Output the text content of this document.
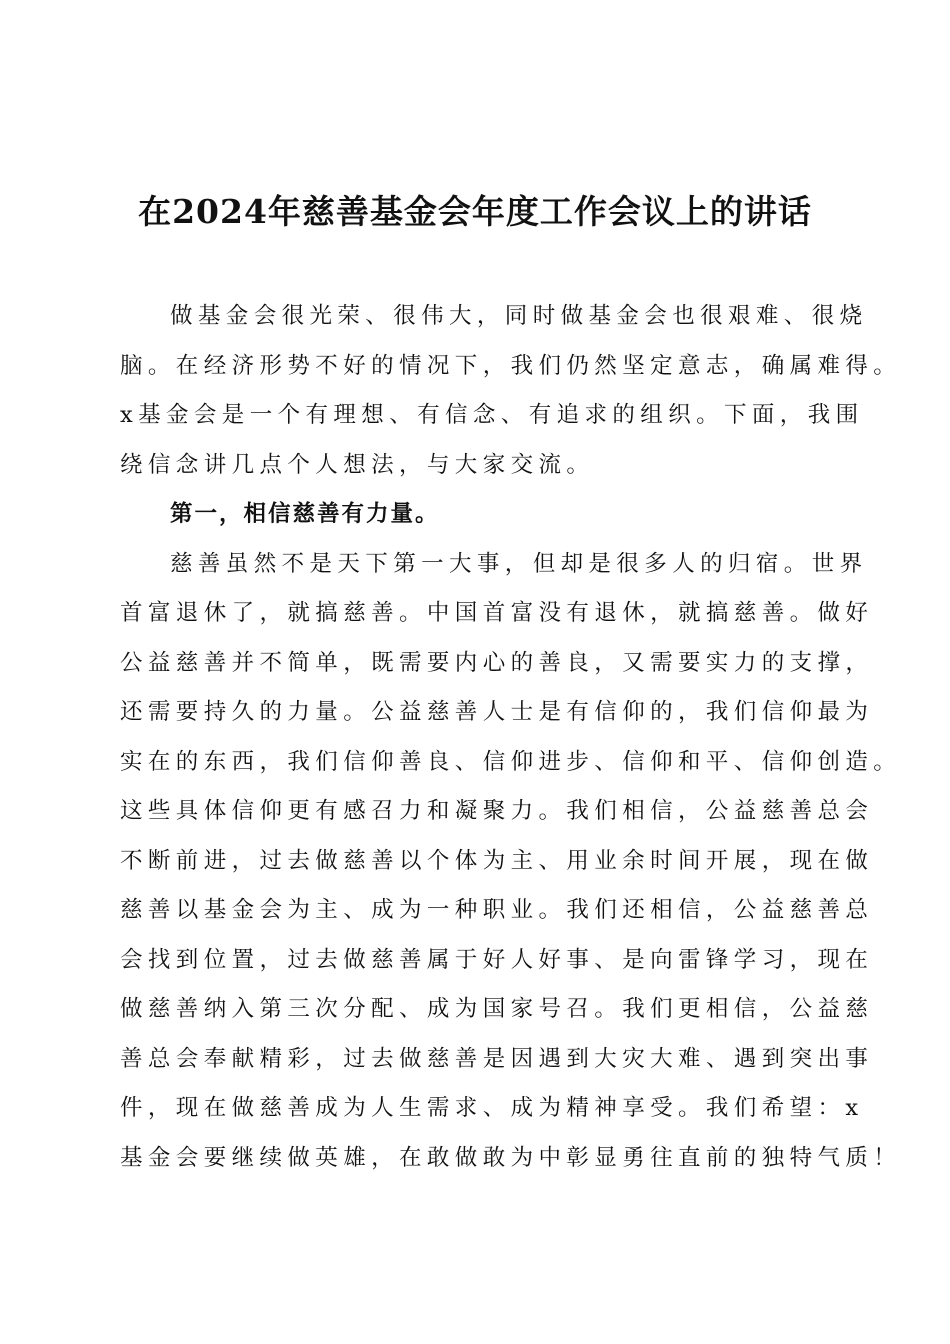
在2024年慈善基金会年度工作会议上的讲话
做基金会很光荣、很伟大，同时做基金会也很艰难、很烧
脑。在经济形势不好的情况下，我们仍然坚定意志，确属难得。
x基金会是一个有理想、有信念、有追求的组织。下面，我围
绕信念讲几点个人想法，与大家交流。
第一，相信慈善有力量。
慈善虽然不是天下第一大事，但却是很多人的归宿。世界
首富退休了，就搞慈善。中国首富没有退休，就搞慈善。做好
公益慈善并不简单，既需要内心的善良，又需要实力的支撑，
还需要持久的力量。公益慈善人士是有信仰的，我们信仰最为
实在的东西，我们信仰善良、信仰进步、信仰和平、信仰创造。
这些具体信仰更有感召力和凝聚力。我们相信，公益慈善总会
不断前进，过去做慈善以个体为主、用业余时间开展，现在做
慈善以基金会为主、成为一种职业。我们还相信，公益慈善总
会找到位置，过去做慈善属于好人好事、是向雷锋学习，现在
做慈善纳入第三次分配、成为国家号召。我们更相信，公益慈
善总会奉献精彩，过去做慈善是因遇到大灾大难、遇到突出事
件，现在做慈善成为人生需求、成为精神享受。我们希望：x
基金会要继续做英雄，在敢做敢为中彰显勇往直前的独特气质！
